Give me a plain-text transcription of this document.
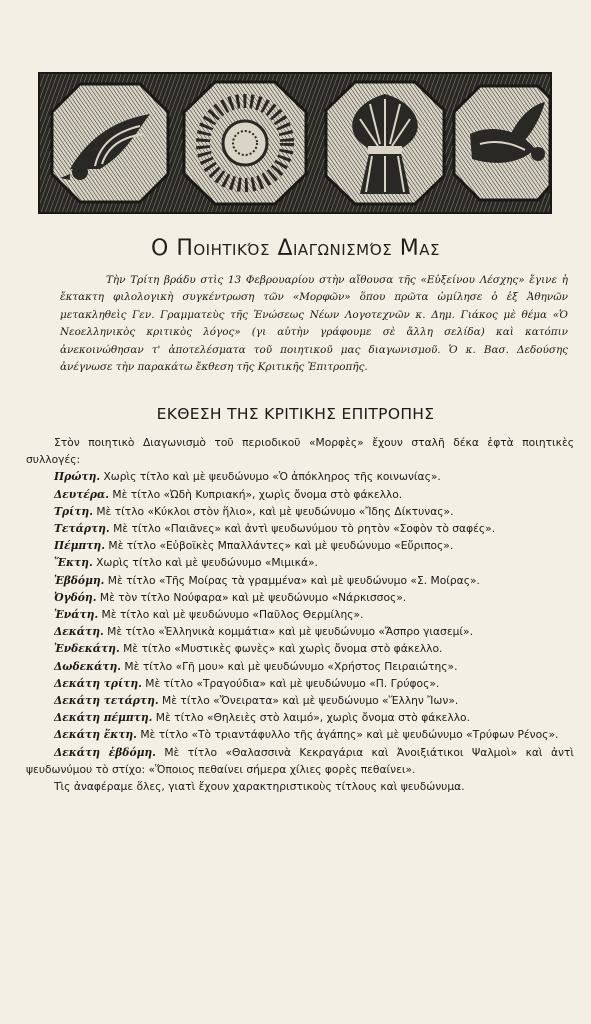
Ο Ποιητικός Διαγωνισμός Μας

Τὴν Τρίτη βράδυ στὶς 13 Φεβρουαρίου στὴν αἴθουσα τῆς «Εὐξείνου Λέσχης» ἔγινε ἡ ἔκτακτη φιλολογικὴ συγκέντρωση τῶν «Μορφῶν» ὅπου πρῶτα ὡμίλησε ὁ ἐξ Ἀθηνῶν μετακληθεὶς Γεν. Γραμματεὺς τῆς Ἑνώσεως Νέων Λογοτεχνῶν κ. Δημ. Γιάκος μὲ θέμα «Ὁ Νεοελληνικὸς κριτικὸς λόγος» (γι αὐτὴν γράφουμε σὲ ἄλλη σελίδα) καὶ κατόπιν ἀνεκοινώθησαν τ' ἀποτελέσματα τοῦ ποιητικοῦ μας διαγωνισμοῦ. Ὁ κ. Βασ. Δεδούσης ἀνέγνωσε τὴν παρακάτω ἔκθεση τῆς Κριτικῆς Ἐπιτροπῆς.

ΕΚΘΕΣΗ ΤΗΣ ΚΡΙΤΙΚΗΣ ΕΠΙΤΡΟΠΗΣ

Στὸν ποιητικὸ Διαγωνισμὸ τοῦ περιοδικοῦ «Μορφὲς» ἔχουν σταλῆ δέκα ἑφτὰ ποιητικὲς συλλογές:

Πρώτη. Χωρὶς τίτλο καὶ μὲ ψευδώνυμο «Ὁ ἀπόκληρος τῆς κοινωνίας».

Δευτέρα. Μὲ τίτλο «Ὠδὴ Κυπριακή», χωρὶς ὄνομα στὸ φάκελλο.

Τρίτη. Μὲ τίτλο «Κύκλοι στὸν ἥλιο», καὶ μὲ ψευδώνυμο «Ἴδης Δίκτυνας».

Τετάρτη. Μὲ τίτλο «Παιᾶνες» καὶ ἀντὶ ψευδωνύμου τὸ ρητὸν «Σοφὸν τὸ σαφές».

Πέμπτη. Μὲ τίτλο «Εὐβοϊκὲς Μπαλλάντες» καὶ μὲ ψευδώνυμο «Εὔριπος».

Ἕκτη. Χωρὶς τίτλο καὶ μὲ ψευδώνυμο «Μιμικά».

Ἑβδόμη. Μὲ τίτλο «Τῆς Μοίρας τὰ γραμμένα» καὶ μὲ ψευδώνυμο «Σ. Μοίρας».

Ὀγδόη. Μὲ τὸν τίτλο Νούφαρα» καὶ μὲ ψευδώνυμο «Νάρκισσος».

Ἐνάτη. Μὲ τίτλο καὶ μὲ ψευδώνυμο «Παῦλος Θερμίλης».

Δεκάτη. Μὲ τίτλο «Ἑλληνικὰ κομμάτια» καὶ μὲ ψευδώνυμο «Ἄσπρο γιασεμί».

Ἑνδεκάτη. Μὲ τίτλο «Μυστικὲς φωνὲς» καὶ χωρὶς ὄνομα στὸ φάκελλο.

Δωδεκάτη. Μὲ τίτλο «Γῆ μου» καὶ μὲ ψευδώνυμο «Χρήστος Πειραιώτης».

Δεκάτη τρίτη. Μὲ τίτλο «Τραγούδια» καὶ μὲ ψευδώνυμο «Π. Γρύφος».

Δεκάτη τετάρτη. Μὲ τίτλο «Ὄνειρατα» καὶ μὲ ψευδώνυμο «Ἕλλην Ἴων».

Δεκάτη πέμπτη. Μὲ τίτλο «Θηλειὲς στὸ λαιμό», χωρὶς ὄνομα στὸ φάκελλο.

Δεκάτη ἕκτη. Μὲ τίτλο «Τὸ τριαντάφυλλο τῆς ἀγάπης» καὶ μὲ ψευδώνυμο «Τρύφων Ρένος».

Δεκάτη ἑβδόμη. Μὲ τίτλο «Θαλασσινὰ Κεκραγάρια καὶ Ἀνοιξιάτικοι Ψαλμοὶ» καὶ ἀντὶ ψευδωνύμου τὸ στίχο: «Ὅποιος πεθαίνει σήμερα χίλιες φορὲς πεθαίνει».

Τὶς ἀναφέραμε ὅλες, γιατὶ ἔχουν χαρακτηριστικοὺς τίτλους καὶ ψευδώνυμα.
